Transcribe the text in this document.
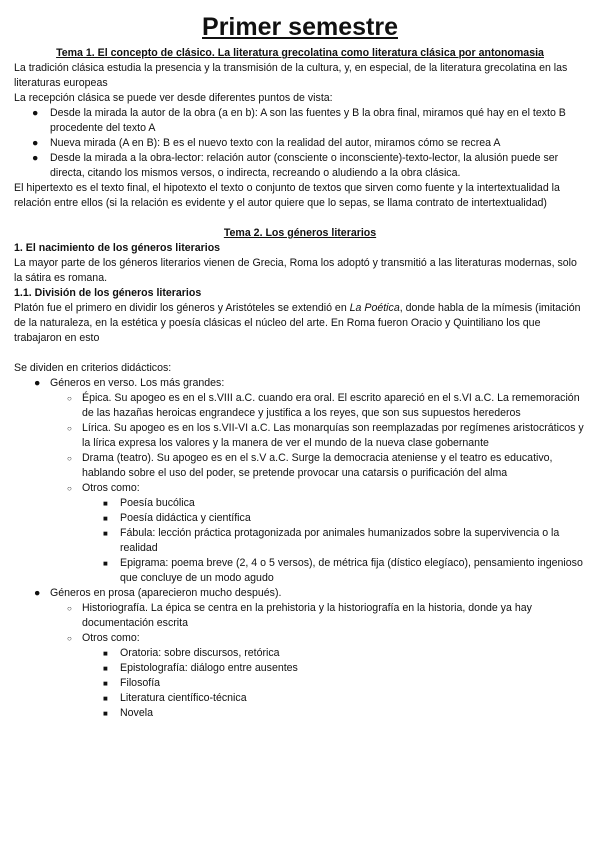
Primer semestre
Tema 1. El concepto de clásico. La literatura grecolatina como literatura clásica por antonomasia

La tradición clásica estudia la presencia y la transmisión de la cultura, y, en especial, de la literatura grecolatina en las literaturas europeas

La recepción clásica se puede ver desde diferentes puntos de vista:

● Desde la mirada la autor de la obra (a en b): A son las fuentes y B la obra final, miramos qué hay en el texto B procedente del texto A
● Nueva mirada (A en B): B es el nuevo texto con la realidad del autor, miramos cómo se recrea A
● Desde la mirada a la obra-lector: relación autor (consciente o inconsciente)-texto-lector, la alusión puede ser directa, citando los mismos versos, o indirecta, recreando o aludiendo a la obra clásica.

El hipertexto es el texto final, el hipotexto el texto o conjunto de textos que sirven como fuente y la intertextualidad la relación entre ellos (si la relación es evidente y el autor quiere que lo sepas, se llama contrato de intertextualidad)

Tema 2. Los géneros literarios

1. El nacimiento de los géneros literarios

La mayor parte de los géneros literarios vienen de Grecia, Roma los adoptó y transmitió a las literaturas modernas, solo la sátira es romana.

1.1. División de los géneros literarios

Platón fue el primero en dividir los géneros y Aristóteles se extendió en La Poética, donde habla de la mímesis (imitación de la naturaleza, en la estética y poesía clásicas el núcleo del arte. En Roma fueron Oracio y Quintiliano los que trabajaron en esto

Se dividen en criterios didácticos:

● Géneros en verso. Los más grandes:
○ Épica. Su apogeo es en el s.VIII a.C. cuando era oral. El escrito apareció en el s.VI a.C. La rememoración de las hazañas heroicas engrandece y justifica a los reyes, que son sus supuestos herederos
○ Lírica. Su apogeo es en los s.VII-VI a.C. Las monarquías son reemplazadas por regímenes aristocráticos y la lírica expresa los valores y la manera de ver el mundo de la nueva clase gobernante
○ Drama (teatro). Su apogeo es en el s.V a.C. Surge la democracia ateniense y el teatro es educativo, hablando sobre el uso del poder, se pretende provocar una catarsis o purificación del alma
○ Otros como:
■ Poesía bucólica
■ Poesía didáctica y científica
■ Fábula: lección práctica protagonizada por animales humanizados sobre la supervivencia o la realidad
■ Epigrama: poema breve (2, 4 o 5 versos), de métrica fija (dístico elegíaco), pensamiento ingenioso que concluye de un modo agudo
● Géneros en prosa (aparecieron mucho después).
○ Historiografía. La épica se centra en la prehistoria y la historiografía en la historia, donde ya hay documentación escrita
○ Otros como:
■ Oratoria: sobre discursos, retórica
■ Epistolografía: diálogo entre ausentes
■ Filosofía
■ Literatura científico-técnica
■ Novela
